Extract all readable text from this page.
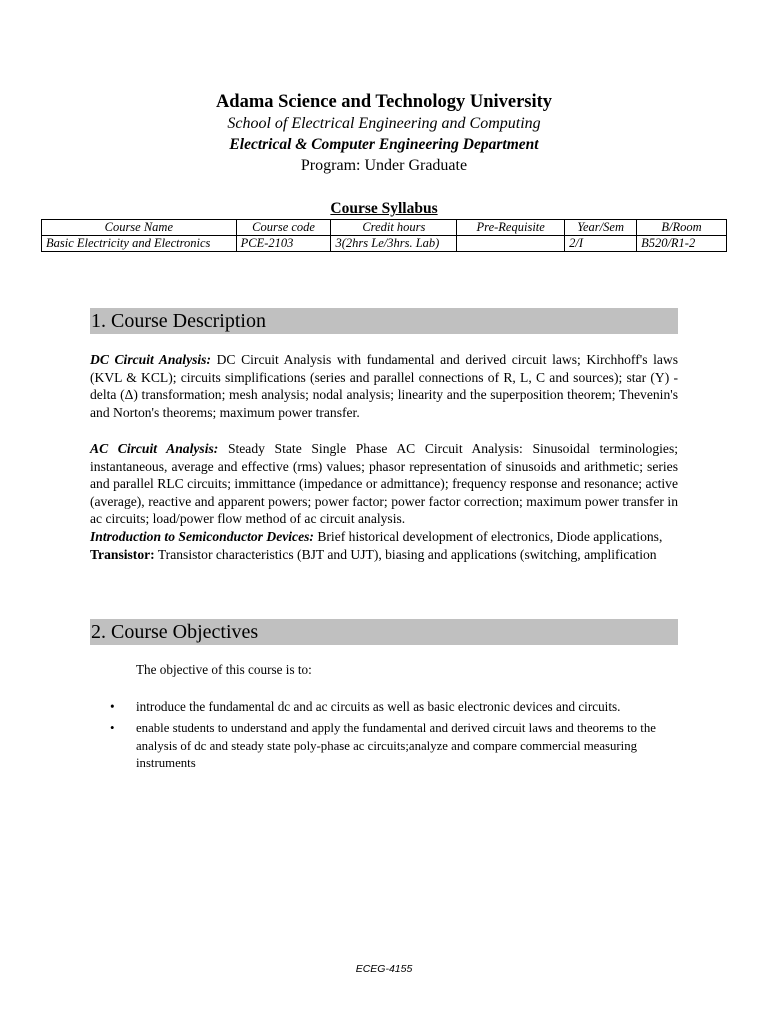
Adama Science and Technology University
School of Electrical Engineering and Computing
Electrical & Computer Engineering Department
Program: Under Graduate
Course Syllabus
Course Name	Course code	Credit hours	Pre-Requisite	Year/Sem	B/Room
Basic Electricity and Electronics	PCE-2103	3(2hrs Le/3hrs. Lab)		2/I	B520/R1-2
1. Course Description
DC Circuit Analysis: DC Circuit Analysis with fundamental and derived circuit laws; Kirchhoff's laws (KVL & KCL); circuits simplifications (series and parallel connections of R, L, C and sources); star (Y) - delta (Δ) transformation; mesh analysis; nodal analysis; linearity and the superposition theorem; Thevenin's and Norton's theorems; maximum power transfer.
AC Circuit Analysis: Steady State Single Phase AC Circuit Analysis: Sinusoidal terminologies; instantaneous, average and effective (rms) values; phasor representation of sinusoids and arithmetic; series and parallel RLC circuits; immittance (impedance or admittance); frequency response and resonance; active (average), reactive and apparent powers; power factor; power factor correction; maximum power transfer in ac circuits; load/power flow method of ac circuit analysis.
Introduction to Semiconductor Devices: Brief historical development of electronics, Diode applications,
Transistor: Transistor characteristics (BJT and UJT), biasing and applications (switching, amplification
2. Course Objectives
The objective of this course is to:
• introduce the fundamental dc and ac circuits as well as basic electronic devices and circuits.
• enable students to understand and apply the fundamental and derived circuit laws and theorems to the analysis of dc and steady state poly-phase ac circuits;analyze and compare commercial measuring instruments
ECEG-4155
